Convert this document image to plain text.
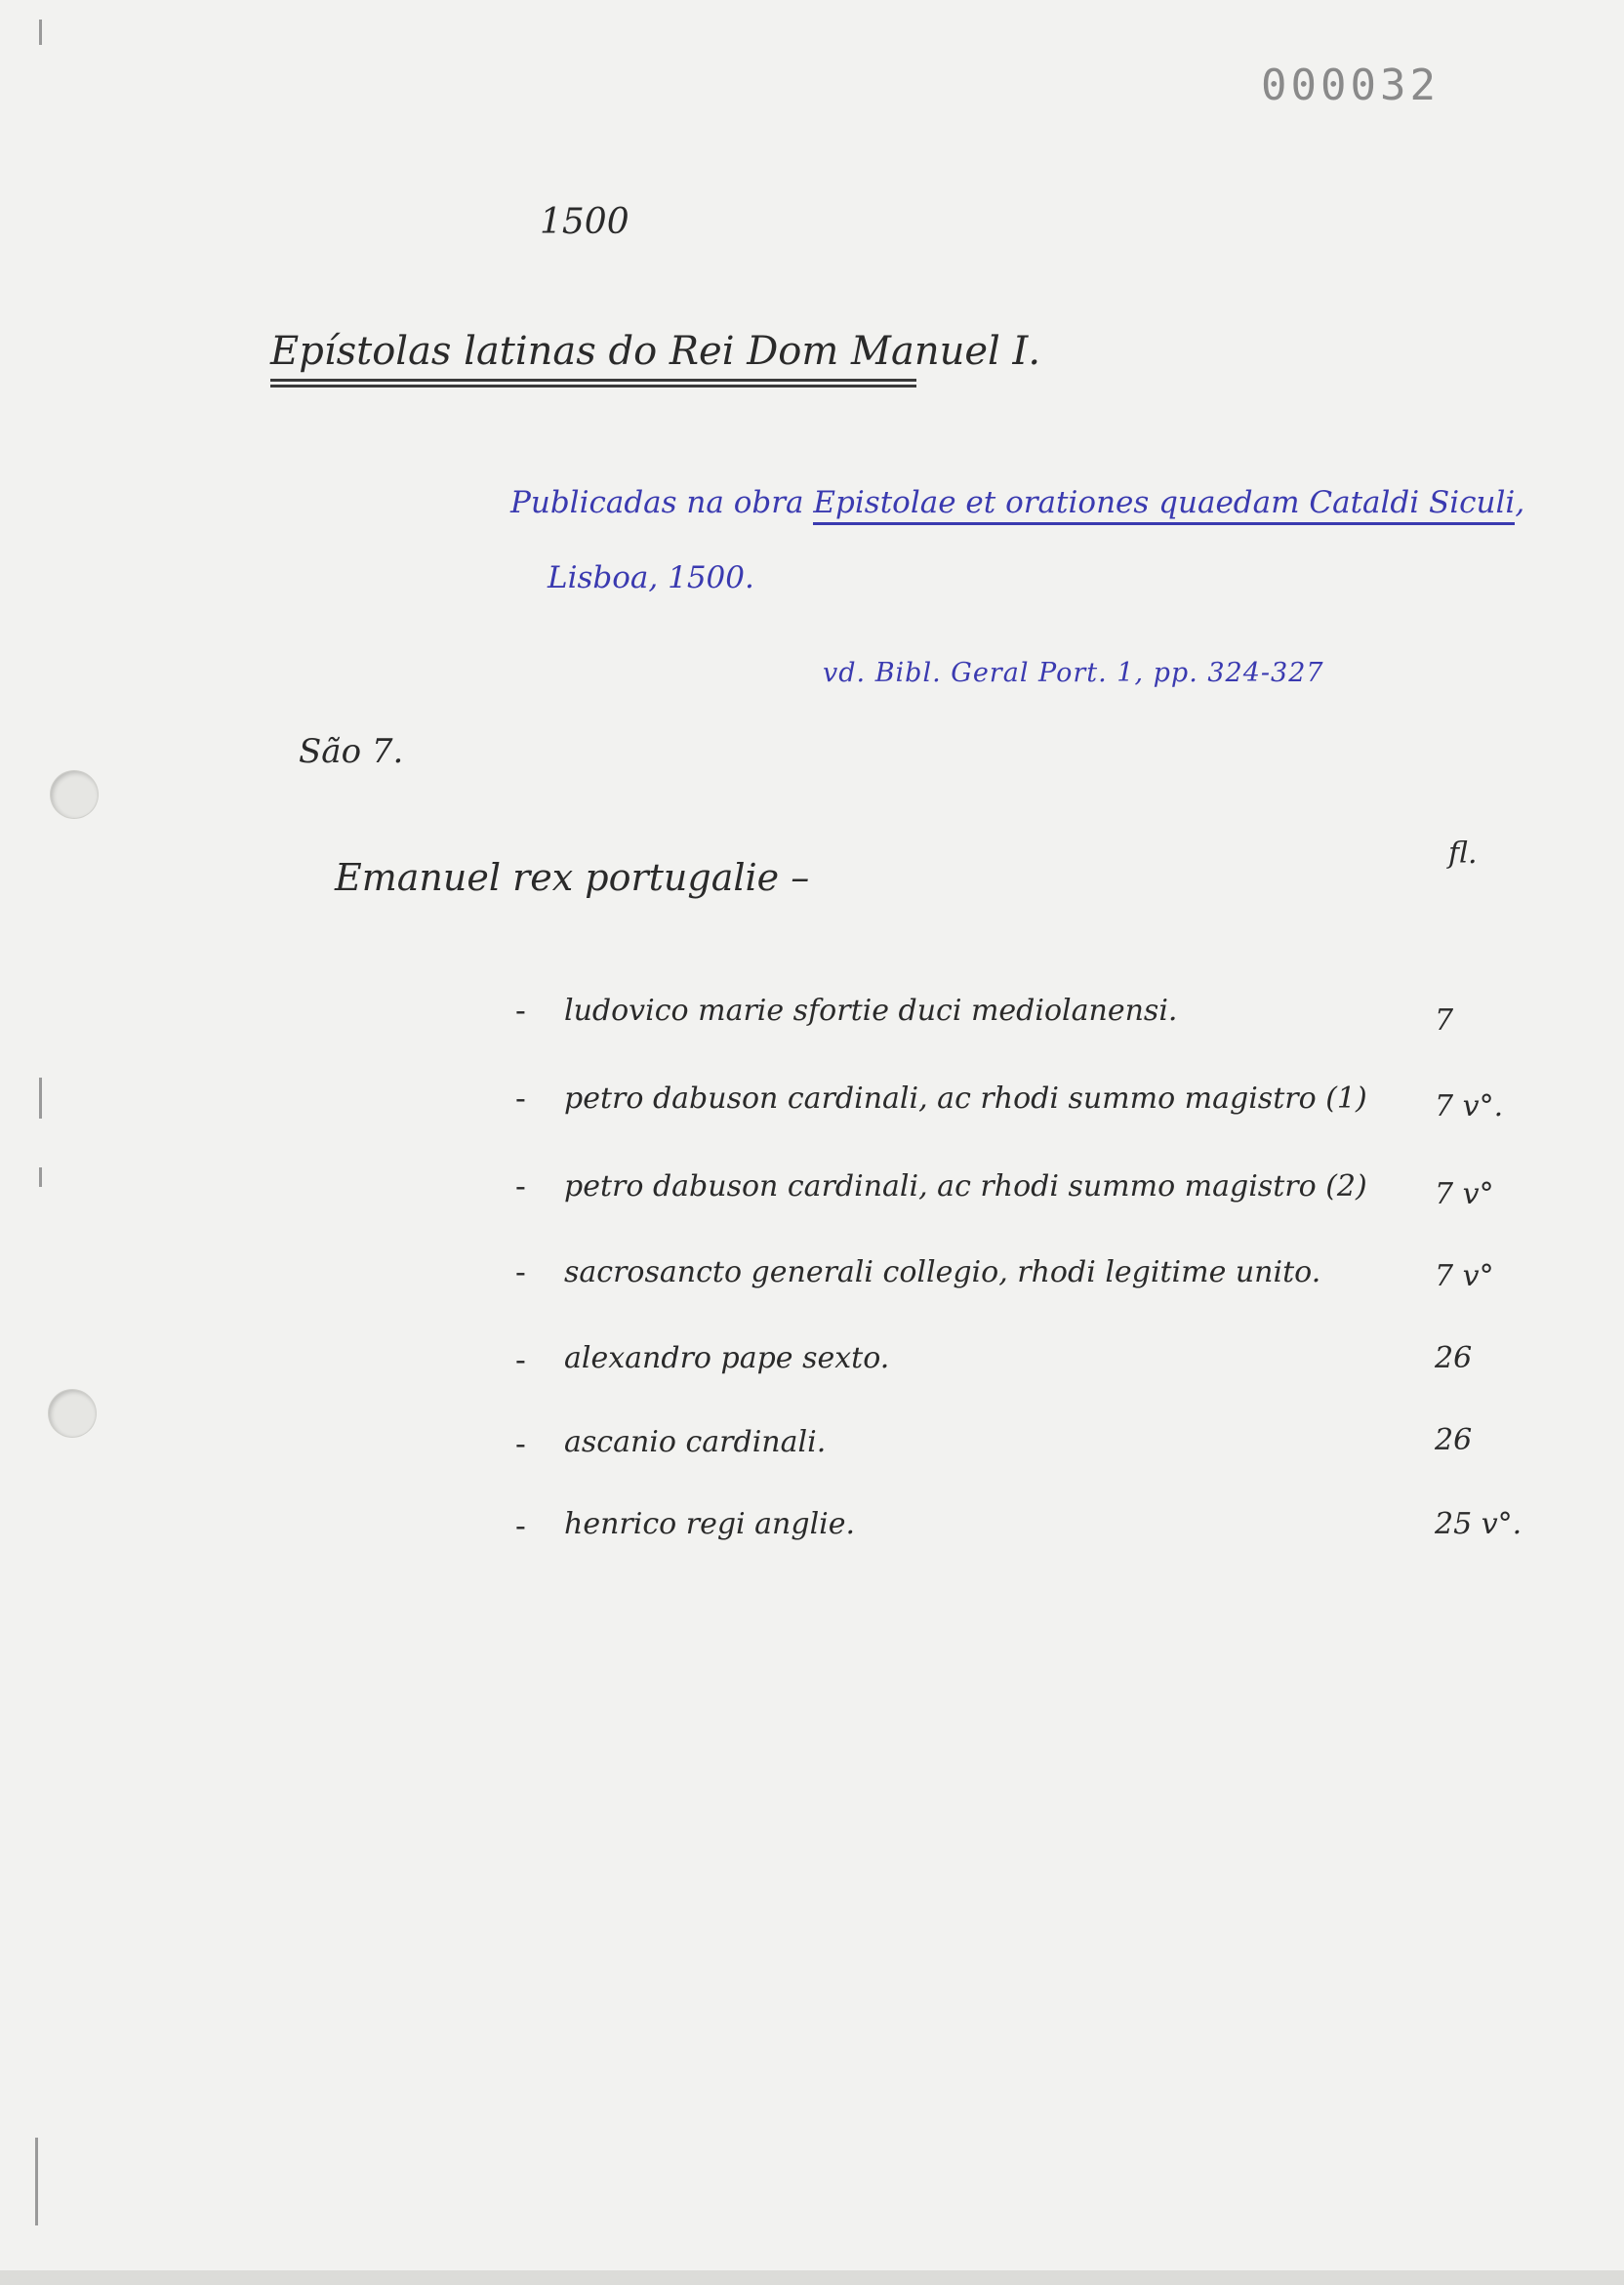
000032
1500
Epístolas latinas do Rei Dom Manuel I.
Publicadas na obra Epistolae et orationes quaedam Cataldi Siculi,
Lisboa, 1500.
vd. Bibl. Geral Port. 1, pp. 324-327
São 7.
Emanuel rex portugalie –
fl.
- ludovico marie sfortie duci mediolanensi.	7
- petro dabuson cardinali, ac rhodi summo magistro (1) 7 v°.
- petro dabuson cardinali, ac rhodi summo magistro (2) 7 v°
- sacrosancto generali collegio, rhodi legitime unito.	7 v°
- alexandro pape sexto.	26
- ascanio cardinali.	26
- henrico regi anglie.	25 v°.
